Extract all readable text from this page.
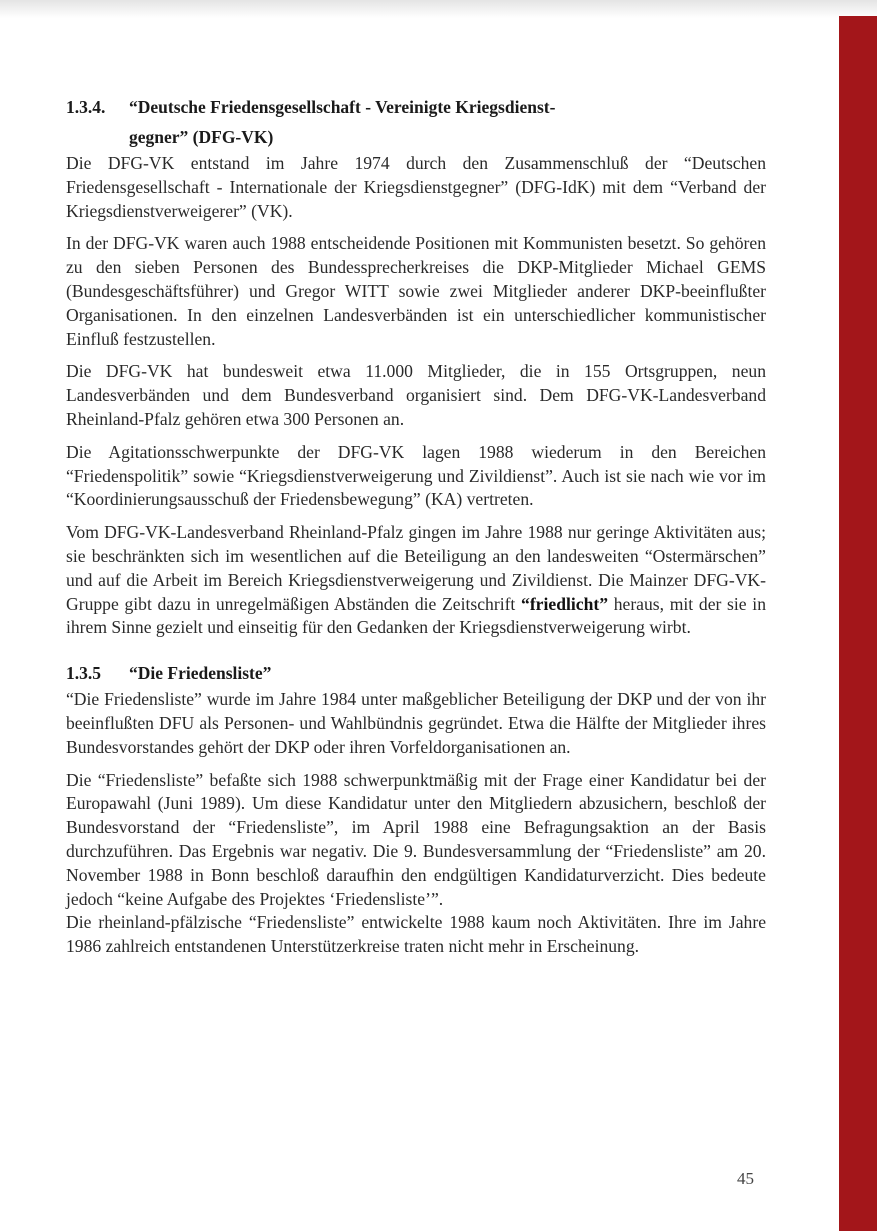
1.3.4. “Deutsche Friedensgesellschaft - Vereinigte Kriegsdienst-
gegner” (DFG-VK)

Die DFG-VK entstand im Jahre 1974 durch den Zusammenschluß der “Deutschen Friedensgesellschaft - Internationale der Kriegsdienstgegner” (DFG-IdK) mit dem “Verband der Kriegsdienstverweigerer” (VK).

In der DFG-VK waren auch 1988 entscheidende Positionen mit Kommunisten besetzt. So gehören zu den sieben Personen des Bundessprecherkreises die DKP-Mitglieder Michael GEMS (Bundesgeschäftsführer) und Gregor WITT sowie zwei Mitglieder anderer DKP-beeinflußter Organisationen. In den einzelnen Landesverbänden ist ein unterschiedlicher kommunistischer Einfluß festzustellen.

Die DFG-VK hat bundesweit etwa 11.000 Mitglieder, die in 155 Ortsgruppen, neun Landesverbänden und dem Bundesverband organisiert sind. Dem DFG-VK-Landesverband Rheinland-Pfalz gehören etwa 300 Personen an.

Die Agitationsschwerpunkte der DFG-VK lagen 1988 wiederum in den Bereichen “Friedenspolitik” sowie “Kriegsdienstverweigerung und Zivildienst”. Auch ist sie nach wie vor im “Koordinierungsausschuß der Friedensbewegung” (KA) vertreten.

Vom DFG-VK-Landesverband Rheinland-Pfalz gingen im Jahre 1988 nur geringe Aktivitäten aus; sie beschränkten sich im wesentlichen auf die Beteiligung an den landesweiten “Ostermärschen” und auf die Arbeit im Bereich Kriegsdienstverweigerung und Zivildienst. Die Mainzer DFG-VK-Gruppe gibt dazu in unregelmäßigen Abständen die Zeitschrift “friedlicht” heraus, mit der sie in ihrem Sinne gezielt und einseitig für den Gedanken der Kriegsdienstverweigerung wirbt.

1.3.5 “Die Friedensliste”

“Die Friedensliste” wurde im Jahre 1984 unter maßgeblicher Beteiligung der DKP und der von ihr beeinflußten DFU als Personen- und Wahlbündnis gegründet. Etwa die Hälfte der Mitglieder ihres Bundesvorstandes gehört der DKP oder ihren Vorfeldorganisationen an.

Die “Friedensliste” befaßte sich 1988 schwerpunktmäßig mit der Frage einer Kandidatur bei der Europawahl (Juni 1989). Um diese Kandidatur unter den Mitgliedern abzusichern, beschloß der Bundesvorstand der “Friedensliste”, im April 1988 eine Befragungsaktion an der Basis durchzuführen. Das Ergebnis war negativ. Die 9. Bundesversammlung der “Friedensliste” am 20. November 1988 in Bonn beschloß daraufhin den endgültigen Kandidaturverzicht. Dies bedeute jedoch “keine Aufgabe des Projektes ‘Friedensliste’”.

Die rheinland-pfälzische “Friedensliste” entwickelte 1988 kaum noch Aktivitäten. Ihre im Jahre 1986 zahlreich entstandenen Unterstützerkreise traten nicht mehr in Erscheinung.

45
